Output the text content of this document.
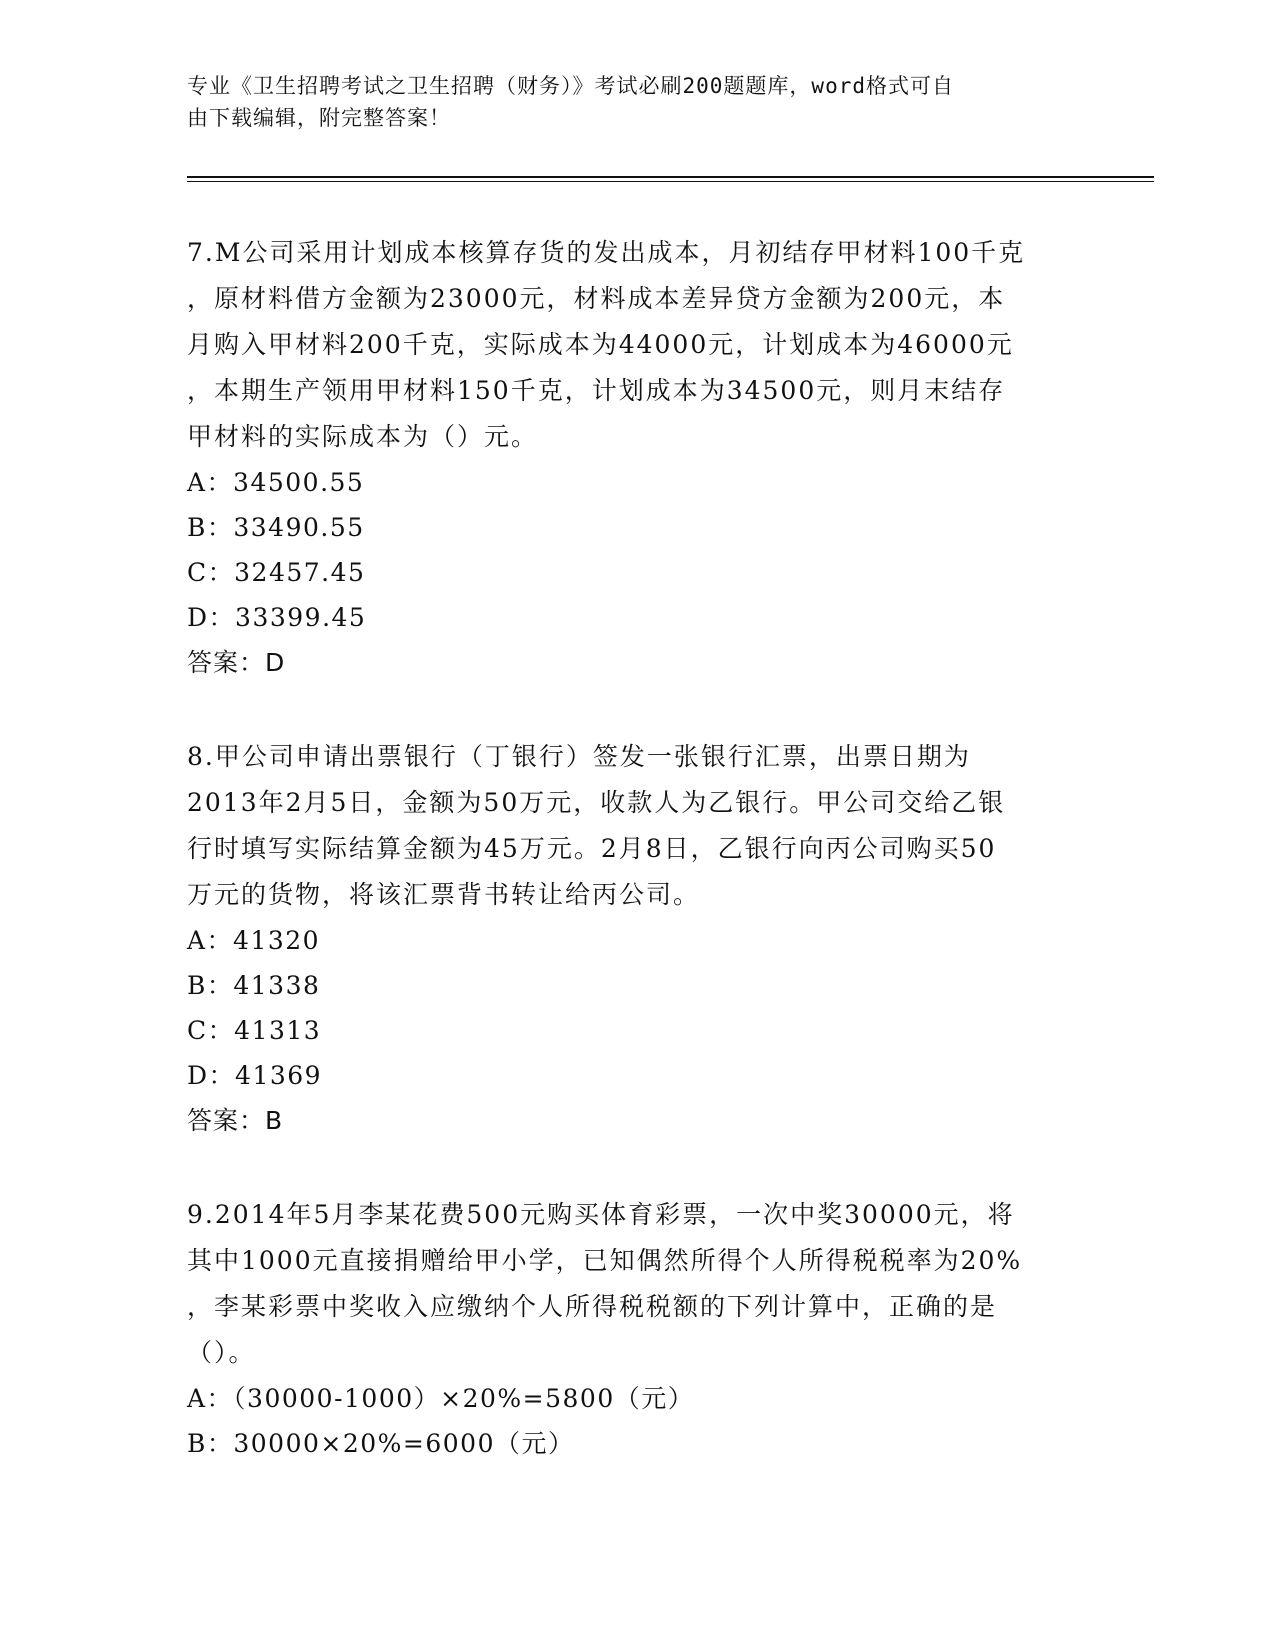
专业《卫生招聘考试之卫生招聘（财务）》考试必刷200题题库，word格式可自
由下载编辑，附完整答案！
7.M公司采用计划成本核算存货的发出成本，月初结存甲材料100千克
，原材料借方金额为23000元，材料成本差异贷方金额为200元，本
月购入甲材料200千克，实际成本为44000元，计划成本为46000元
，本期生产领用甲材料150千克，计划成本为34500元，则月末结存
甲材料的实际成本为（）元。
A：34500.55
B：33490.55
C：32457.45
D：33399.45
答案：D
8.甲公司申请出票银行（丁银行）签发一张银行汇票，出票日期为
2013年2月5日，金额为50万元，收款人为乙银行。甲公司交给乙银
行时填写实际结算金额为45万元。2月8日，乙银行向丙公司购买50
万元的货物，将该汇票背书转让给丙公司。
A：41320
B：41338
C：41313
D：41369
答案：B
9.2014年5月李某花费500元购买体育彩票，一次中奖30000元，将
其中1000元直接捐赠给甲小学，已知偶然所得个人所得税税率为20%
，李某彩票中奖收入应缴纳个人所得税税额的下列计算中，正确的是
（）。
A：（30000-1000）×20%=5800（元）
B：30000×20%=6000（元）
